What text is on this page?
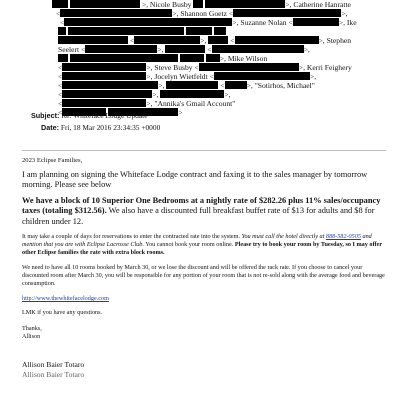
>, Nicole Busby	>, Catherine Hanratte
<	>, Shannon Goetz <	>,
<	>, Suzanne Nolan <	>, Ike

<	>,	<	>, Stephen
Seelert <	>,	<	>,
>, Mike Wilson
<	>, Steve Busby <	>, Kerri Feighery
<	>, Jocelyn Wietfeldt <	>,
<	>,	<	>, "Sotirhos, Michael"
<	>,	>,
<	>, "Annika's Gmail Account"
<	>
Subject: Re: Whiteface Lodge Update
Date: Fri, 18 Mar 2016 23:34:35 +0000

2023 Eclipse Families,

I am planning on signing the Whiteface Lodge contract and faxing it to the sales manager by tomorrow morning. Please see below

We have a block of 10 Superior One Bedrooms at a nightly rate of $282.26 plus 11% sales/occupancy taxes (totaling $312.56). We also have a discounted full breakfast buffet rate of $13 for adults and $8 for children under 12.

It may take a couple of days for reservations to enter the contracted rate into the system. You must call the hotel directly at 888-582-0505 and mention that you are with Eclipse Lacrosse Club. You cannot book your room online. Please try to book your room by Tuesday, so I may offer other Eclipse families the rate with extra block rooms.

We need to have all 10 rooms booked by March 30, or we lose the discount and will be offered the rack rate. If you choose to cancel your discounted room after March 30, you will be responsible for any portion of your room that is not re-sold along with the average food and beverage consumption.

http://www.thewhitefacelodge.com

LMK if you have any questions.

Thanks,

Allison

Allison Baier Totaro
Allison Baier Totaro
